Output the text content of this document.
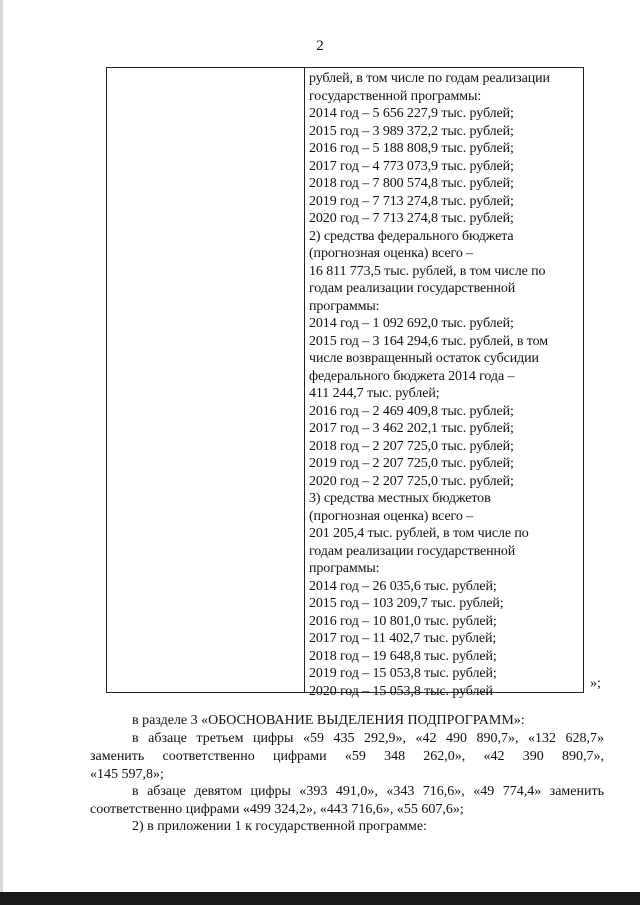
2
рублей, в том числе по годам реализации
государственной программы:
2014 год – 5 656 227,9 тыс. рублей;
2015 год – 3 989 372,2 тыс. рублей;
2016 год – 5 188 808,9 тыс. рублей;
2017 год – 4 773 073,9 тыс. рублей;
2018 год – 7 800 574,8 тыс. рублей;
2019 год – 7 713 274,8 тыс. рублей;
2020 год – 7 713 274,8 тыс. рублей;
2) средства федерального бюджета
(прогнозная оценка) всего –
16 811 773,5 тыс. рублей, в том числе по
годам реализации государственной
программы:
2014 год – 1 092 692,0 тыс. рублей;
2015 год – 3 164 294,6 тыс. рублей, в том
числе возвращенный остаток субсидии
федерального бюджета 2014 года –
411 244,7 тыс. рублей;
2016 год – 2 469 409,8 тыс. рублей;
2017 год – 3 462 202,1 тыс. рублей;
2018 год – 2 207 725,0 тыс. рублей;
2019 год – 2 207 725,0 тыс. рублей;
2020 год – 2 207 725,0 тыс. рублей;
3) средства местных бюджетов
(прогнозная оценка) всего –
201 205,4 тыс. рублей, в том числе по
годам реализации государственной
программы:
2014 год – 26 035,6 тыс. рублей;
2015 год – 103 209,7 тыс. рублей;
2016 год – 10 801,0 тыс. рублей;
2017 год – 11 402,7 тыс. рублей;
2018 год – 19 648,8 тыс. рублей;
2019 год – 15 053,8 тыс. рублей;
2020 год – 15 053,8 тыс. рублей	»;

в разделе 3 «ОБОСНОВАНИЕ ВЫДЕЛЕНИЯ ПОДПРОГРАММ»:

в абзаце третьем цифры «59 435 292,9», «42 490 890,7», «132 628,7»

заменить соответственно цифрами «59 348 262,0», «42 390 890,7»,

«145 597,8»;

в абзаце девятом цифры «393 491,0», «343 716,6», «49 774,4» заменить

соответственно цифрами «499 324,2», «443 716,6», «55 607,6»;

2) в приложении 1 к государственной программе:
